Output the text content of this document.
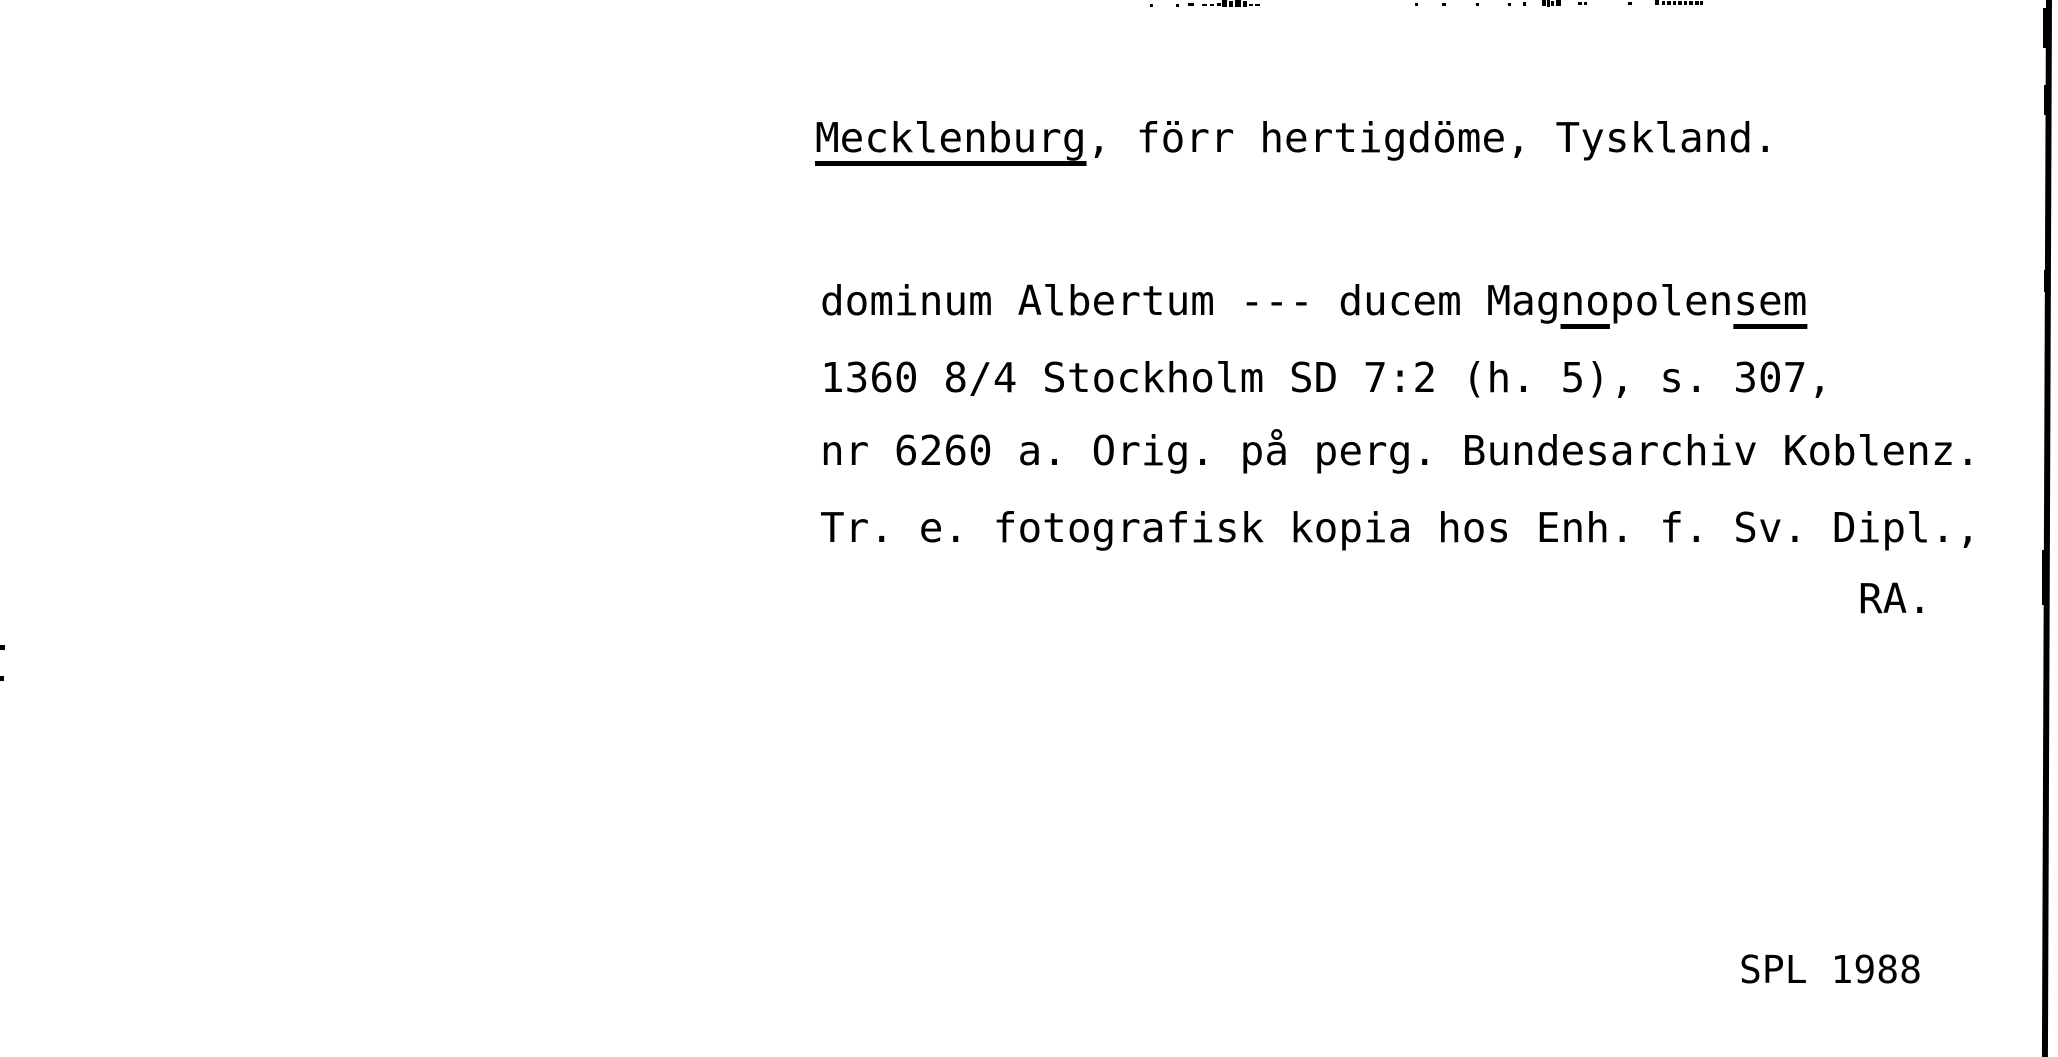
Mecklenburg, förr hertigdöme, Tyskland.
dominum Albertum --- ducem Magnopolensem
1360 8/4 Stockholm SD 7:2 (h. 5), s. 307,
nr 6260 a. Orig. på perg. Bundesarchiv Koblenz.
Tr. e. fotografisk kopia hos Enh. f. Sv. Dipl.,
RA.
SPL 1988
